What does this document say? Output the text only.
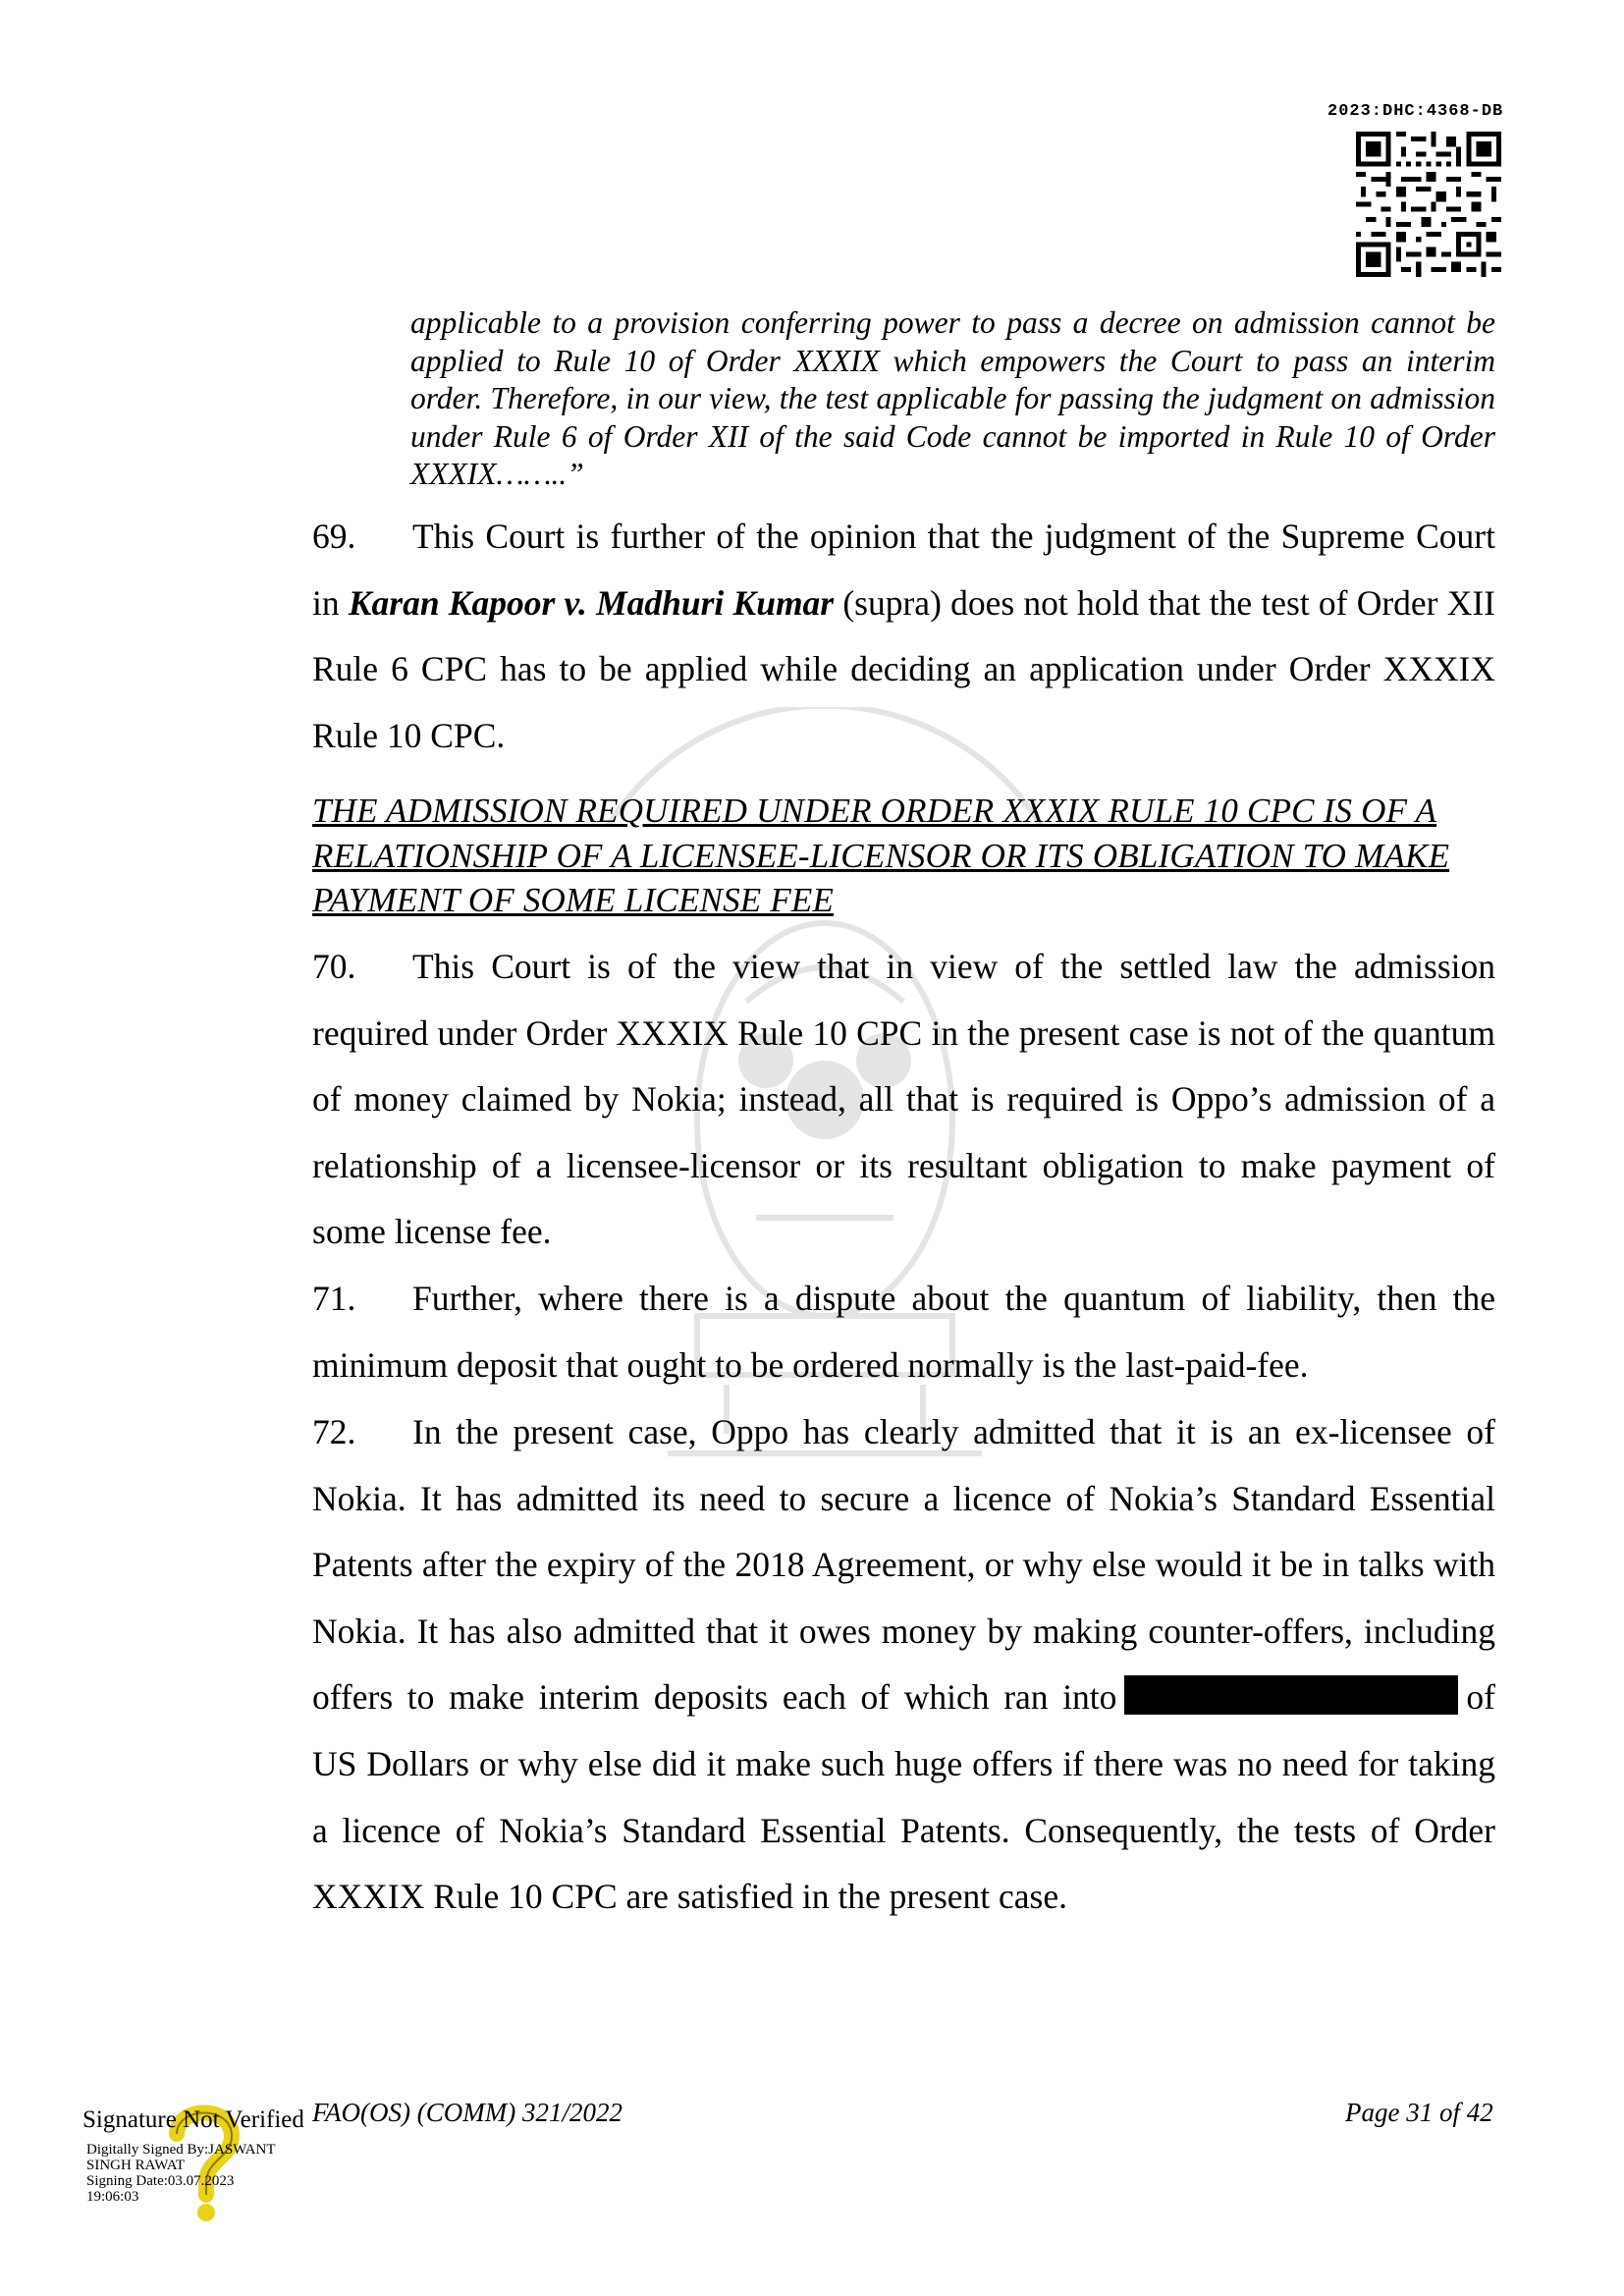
2023:DHC:4368-DB

applicable to a provision conferring power to pass a decree on admission cannot be applied to Rule 10 of Order XXXIX which empowers the Court to pass an interim order. Therefore, in our view, the test applicable for passing the judgment on admission under Rule 6 of Order XII of the said Code cannot be imported in Rule 10 of Order XXXIX……..”

69. This Court is further of the opinion that the judgment of the Supreme Court in Karan Kapoor v. Madhuri Kumar (supra) does not hold that the test of Order XII Rule 6 CPC has to be applied while deciding an application under Order XXXIX Rule 10 CPC.

THE ADMISSION REQUIRED UNDER ORDER XXXIX RULE 10 CPC IS OF A RELATIONSHIP OF A LICENSEE-LICENSOR OR ITS OBLIGATION TO MAKE PAYMENT OF SOME LICENSE FEE

70. This Court is of the view that in view of the settled law the admission required under Order XXXIX Rule 10 CPC in the present case is not of the quantum of money claimed by Nokia; instead, all that is required is Oppo’s admission of a relationship of a licensee-licensor or its resultant obligation to make payment of some license fee.

71. Further, where there is a dispute about the quantum of liability, then the minimum deposit that ought to be ordered normally is the last-paid-fee.

72. In the present case, Oppo has clearly admitted that it is an ex-licensee of Nokia. It has admitted its need to secure a licence of Nokia’s Standard Essential Patents after the expiry of the 2018 Agreement, or why else would it be in talks with Nokia. It has also admitted that it owes money by making counter-offers, including offers to make interim deposits each of which ran into	of US Dollars or why else did it make such huge offers if there was no need for taking a licence of Nokia’s Standard Essential Patents. Consequently, the tests of Order XXXIX Rule 10 CPC are satisfied in the present case.

Signature Not Verified FAO(OS) (COMM) 321/2022	Page 31 of 42
Digitally Signed By:JASWANT
SINGH RAWAT
Signing Date:03.07.2023
19:06:03
